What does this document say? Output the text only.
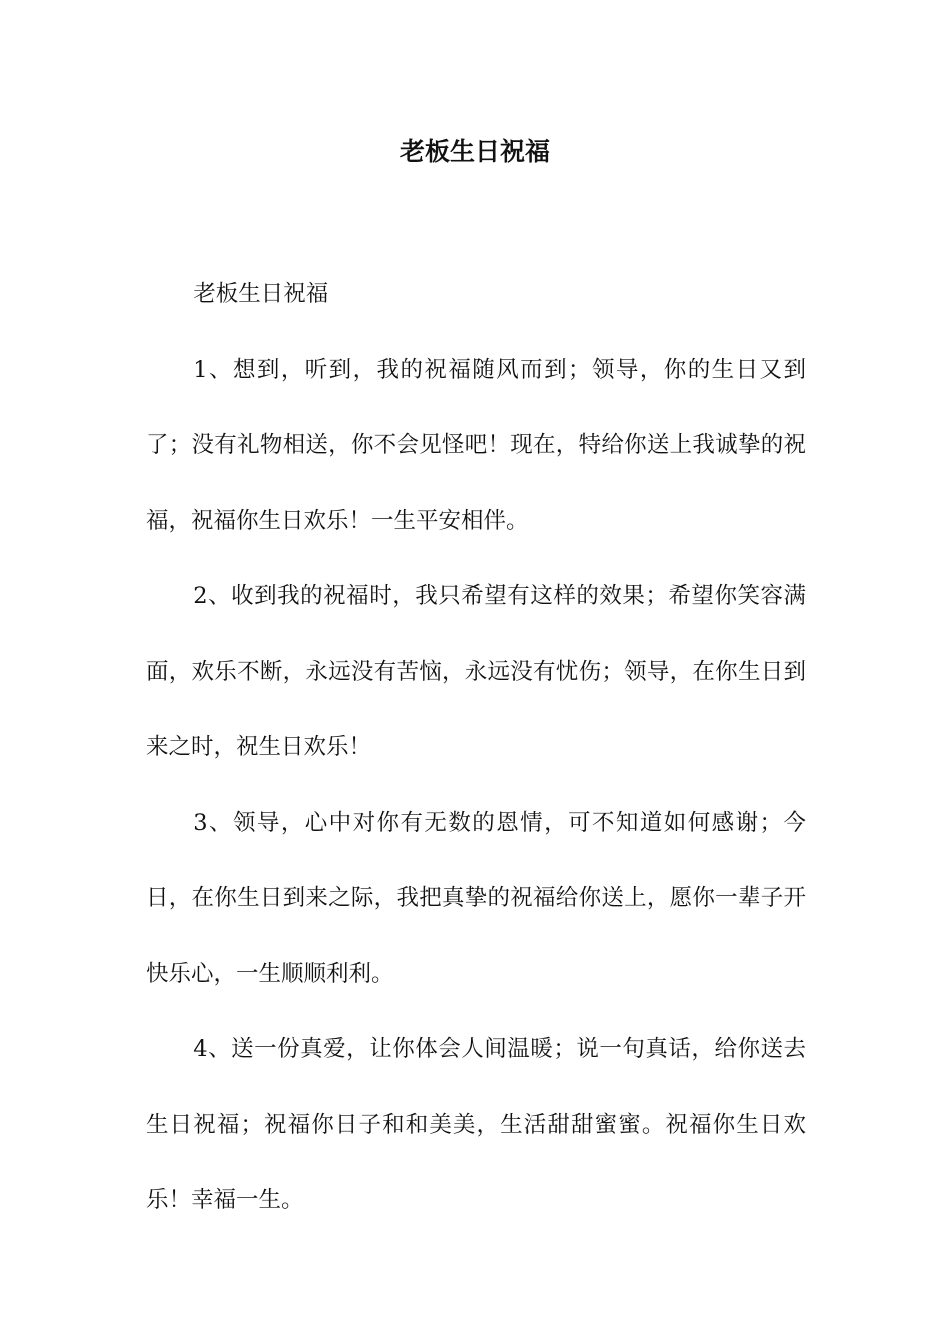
老板生日祝福

老板生日祝福

1、想到，听到，我的祝福随风而到；领导，你的生日又到了；没有礼物相送，你不会见怪吧！现在，特给你送上我诚挚的祝福，祝福你生日欢乐！一生平安相伴。

2、收到我的祝福时，我只希望有这样的效果；希望你笑容满面，欢乐不断，永远没有苦恼，永远没有忧伤；领导，在你生日到来之时，祝生日欢乐！

3、领导，心中对你有无数的恩情，可不知道如何感谢；今日，在你生日到来之际，我把真挚的祝福给你送上，愿你一辈子开快乐心，一生顺顺利利。

4、送一份真爱，让你体会人间温暖；说一句真话，给你送去生日祝福；祝福你日子和和美美，生活甜甜蜜蜜。祝福你生日欢乐！幸福一生。
